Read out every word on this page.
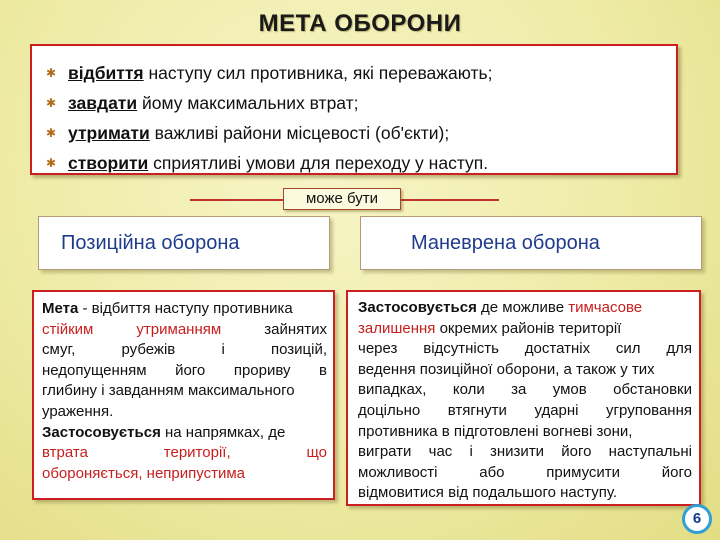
МЕТА ОБОРОНИ
✱ відбиття наступу сил противника, які переважають;
✱ завдати йому максимальних втрат;
✱ утримати важливі райони місцевості (об'єкти);
✱ створити сприятливі умови для переходу у наступ.
може бути
Позиційна оборона	Маневрена оборона
Мета - відбиття наступу противника
стійким утриманням зайнятих
смуг, рубежів і позицій,
недопущенням його прориву в
глибину і завданням максимального
ураження.
Застосовується на напрямках, де
втрата території, що
обороняється, неприпустима
Застосовується де можливе тимчасове
залишення окремих районів території
через відсутність достатніх сил для
ведення позиційної оборони, а також у тих
випадках, коли за умов обстановки
доцільно втягнути ударні угруповання
противника в підготовлені вогневі зони,
виграти час і знизити його наступальні
можливості або примусити його
відмовитися від подальшого наступу.
6
